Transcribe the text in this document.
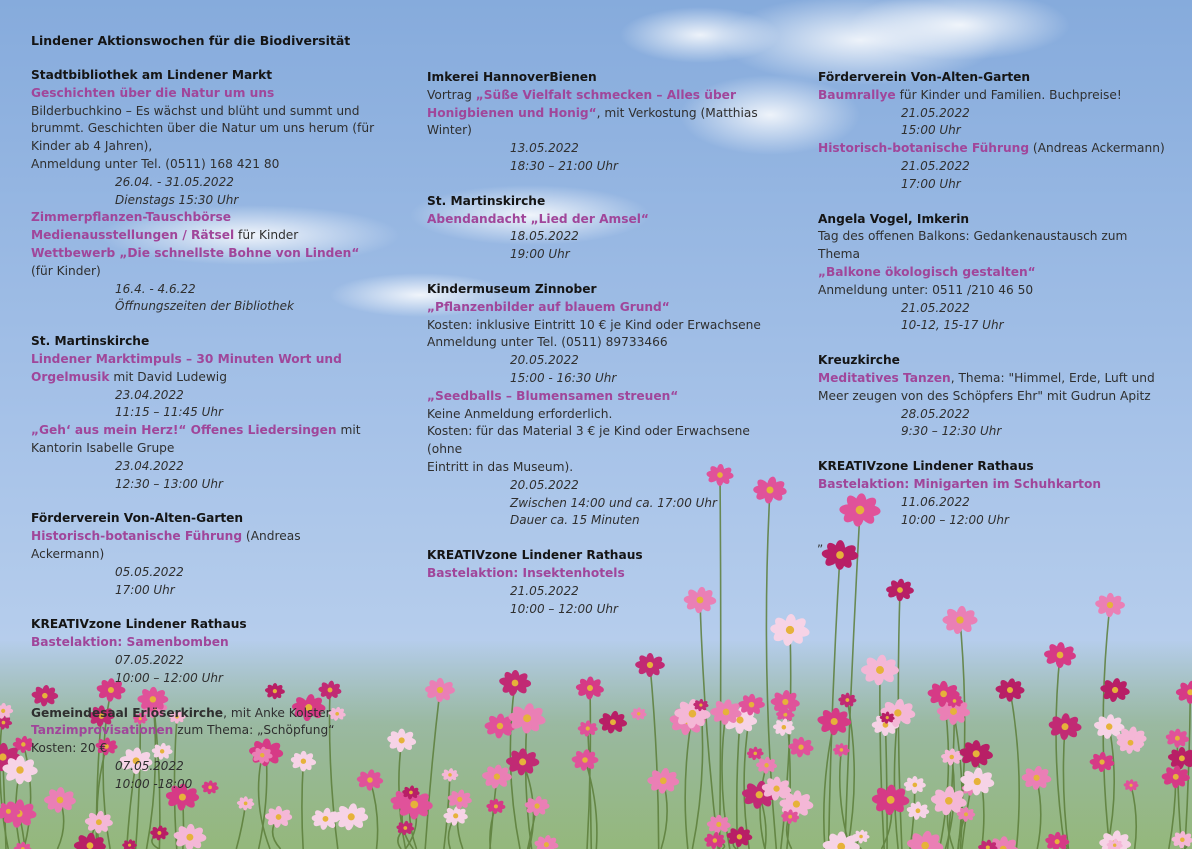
Lindener Aktionswochen für die Biodiversität
Stadtbibliothek am Lindener Markt
Geschichten über die Natur um uns
Bilderbuchkino – Es wächst und blüht und summt und
brummt. Geschichten über die Natur um uns herum (für
Kinder ab 4 Jahren),
Anmeldung unter Tel. (0511) 168 421 80
26.04. - 31.05.2022
Dienstags 15:30 Uhr
Zimmerpflanzen-Tauschbörse
Medienausstellungen / Rätsel für Kinder
Wettbewerb „Die schnellste Bohne von Linden“
(für Kinder)
16.4. - 4.6.22
Öffnungszeiten der Bibliothek
St. Martinskirche
Lindener Marktimpuls – 30 Minuten Wort und
Orgelmusik mit David Ludewig
23.04.2022
11:15 – 11:45 Uhr
„Geh‘ aus mein Herz!“ Offenes Liedersingen mit
Kantorin Isabelle Grupe
23.04.2022
12:30 – 13:00 Uhr
Förderverein Von-Alten-Garten
Historisch-botanische Führung (Andreas Ackermann)
05.05.2022
17:00 Uhr
KREATIVzone Lindener Rathaus
Bastelaktion: Samenbomben
07.05.2022
10:00 – 12:00 Uhr
Gemeindesaal Erlöserkirche, mit Anke Kolster
Tanzimprovisationen zum Thema: „Schöpfung“
Kosten: 20 €
07.05.2022
10:00 -18:00
Imkerei HannoverBienen
Vortrag „Süße Vielfalt schmecken – Alles über
Honigbienen und Honig“, mit Verkostung (Matthias
Winter)
13.05.2022
18:30 – 21:00 Uhr
St. Martinskirche
Abendandacht „Lied der Amsel“
18.05.2022
19:00 Uhr
Kindermuseum Zinnober
„Pflanzenbilder auf blauem Grund“
Kosten: inklusive Eintritt 10 € je Kind oder Erwachsene
Anmeldung unter Tel. (0511) 89733466
20.05.2022
15:00 - 16:30 Uhr
„Seedballs – Blumensamen streuen“
Keine Anmeldung erforderlich.
Kosten: für das Material 3 € je Kind oder Erwachsene (ohne
Eintritt in das Museum).
20.05.2022
Zwischen 14:00 und ca. 17:00 Uhr
Dauer ca. 15 Minuten
KREATIVzone Lindener Rathaus
Bastelaktion: Insektenhotels
21.05.2022
10:00 – 12:00 Uhr
Förderverein Von-Alten-Garten
Baumrallye für Kinder und Familien. Buchpreise!
21.05.2022
15:00 Uhr
Historisch-botanische Führung (Andreas Ackermann)
21.05.2022
17:00 Uhr
Angela Vogel, Imkerin
Tag des offenen Balkons: Gedankenaustausch zum Thema
„Balkone ökologisch gestalten“
Anmeldung unter: 0511 /210 46 50
21.05.2022
10-12, 15-17 Uhr
Kreuzkirche
Meditatives Tanzen, Thema: "Himmel, Erde, Luft und
Meer zeugen von des Schöpfers Ehr" mit Gudrun Apitz
28.05.2022
9:30 – 12:30 Uhr
KREATIVzone Lindener Rathaus
Bastelaktion: Minigarten im Schuhkarton
11.06.2022
10:00 – 12:00 Uhr
„
